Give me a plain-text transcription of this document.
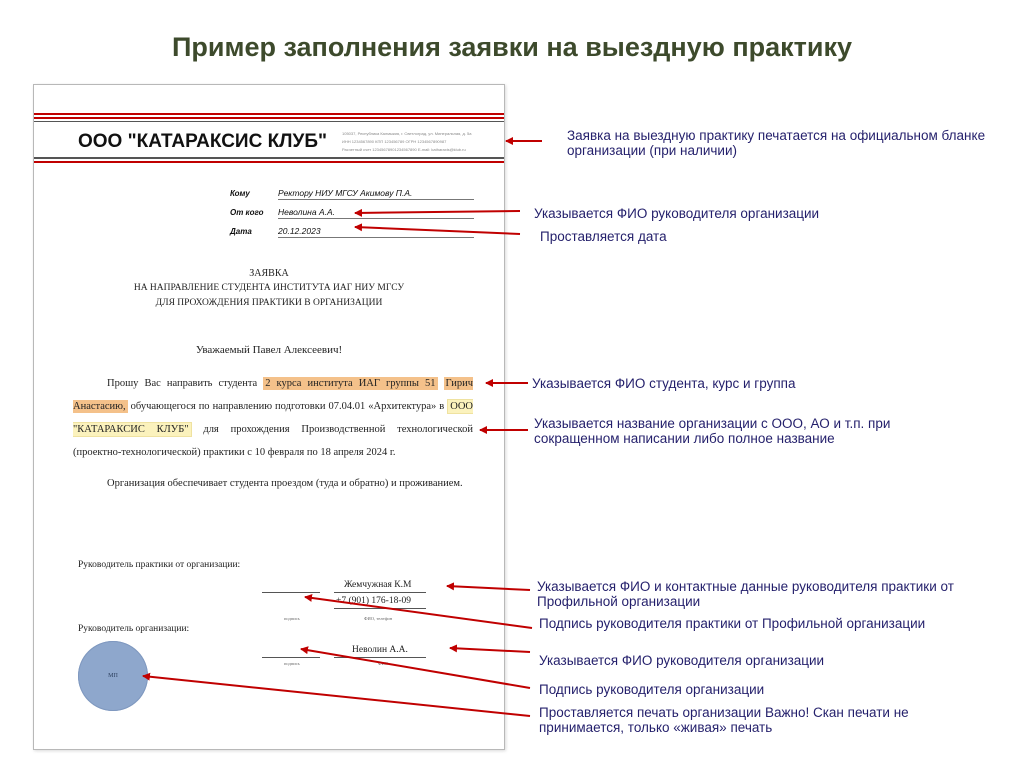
Пример заполнения заявки на выездную практику
ООО "КАТАРАКСИС КЛУБ"	105037, Республика Калмыкия, г. Светлоград, ул. Минеральная, д. 5а
ИНН 1234567890 КПП 123456789 ОГРН 1234567890987
Расчетный счет 12345678901234567890 E-mail: katharaxis@klub.ru
Кому	Ректору НИУ МГСУ Акимову П.А.
От кого Неволина А.А.
Дата	20.12.2023
ЗАЯВКА
НА НАПРАВЛЕНИЕ СТУДЕНТА ИНСТИТУТА ИАГ НИУ МГСУ
ДЛЯ ПРОХОЖДЕНИЯ ПРАКТИКИ В ОРГАНИЗАЦИИ
Уважаемый Павел Алексеевич!

Прошу Вас направить студента 2 курса института ИАГ группы 51 Гирич Анастасию, обучающегося по направлению подготовки 07.04.01 «Архитектура» в ООО "КАТАРАКСИС КЛУБ" для прохождения Производственной технологической (проектно-технологической) практики с 10 февраля по 18 апреля 2024 г.

Организация обеспечивает студента проездом (туда и обратно) и проживанием.

Руководитель практики от организации:
Жемчужная К.М
+7 (901) 176-18-09
подпись	ФИО, телефон
Руководитель организации:
Неволин А.А.
подпись	ФИО
МП
Заявка на выездную практику печатается на официальном бланке организации (при наличии)
Указывается ФИО руководителя организации
Проставляется дата
Указывается ФИО студента, курс и группа
Указывается название организации с ООО, АО и т.п. при сокращенном написании либо полное название
Указывается ФИО и контактные данные руководителя практики от Профильной организации
Подпись руководителя практики от Профильной организации
Указывается ФИО руководителя организации
Подпись руководителя организации
Проставляется печать организации Важно! Скан печати не принимается, только «живая» печать
